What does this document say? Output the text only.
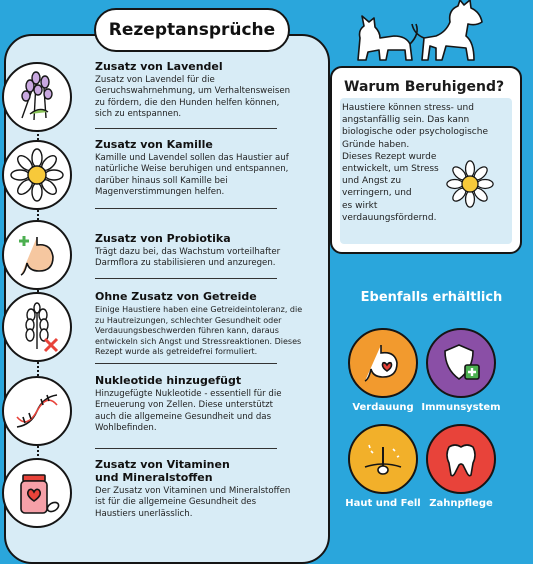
Rezeptansprüche
Zusatz von Lavendel

Zusatz von Lavendel für die Geruchswahrnehmung, um Verhaltensweisen zu fördern, die den Hunden helfen können, sich zu entspannen.

Zusatz von Kamille

Kamille und Lavendel sollen das Haustier auf natürliche Weise beruhigen und entspannen, darüber hinaus soll Kamille bei Magenverstimmungen helfen.

Zusatz von Probiotika

Trägt dazu bei, das Wachstum vorteilhafter Darmflora zu stabilisieren und anzuregen.

Ohne Zusatz von Getreide

Einige Haustiere haben eine Getreideintoleranz, die zu Hautreizungen, schlechter Gesundheit oder Verdauungsbeschwerden führen kann, daraus entwickeln sich Angst und Stressreaktionen. Dieses Rezept wurde als getreidefrei formuliert.

Nukleotide hinzugefügt

Hinzugefügte Nukleotide - essentiell für die Erneuerung von Zellen. Diese unterstützt auch die allgemeine Gesundheit und das Wohlbefinden.

Zusatz von Vitaminen und Mineralstoffen

Der Zusatz von Vitaminen und Mineralstoffen ist für die allgemeine Gesundheit des Haustiers unerlässlich.

Warum Beruhigend?
Haustiere können stress- und
angstanfällig sein. Das kann
biologische oder psychologische
Gründe haben.
Dieses Rezept wurde
entwickelt, um Stress
und Angst zu
verringern, und
es wirkt
verdauungsfördernd.
Ebenfalls erhältlich
Verdauung Immunsystem
Haut und Fell Zahnpflege
